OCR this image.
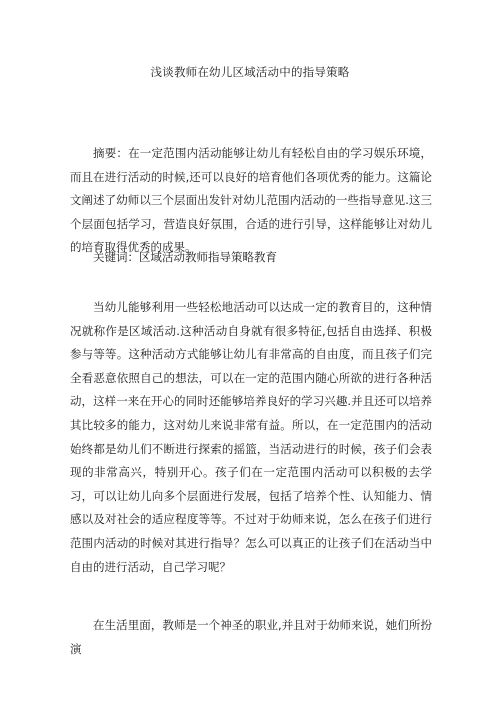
浅谈教师在幼儿区域活动中的指导策略

摘要：在一定范围内活动能够让幼儿有轻松自由的学习娱乐环境，而且在进行活动的时候,还可以良好的培育他们各项优秀的能力。这篇论文阐述了幼师以三个层面出发针对幼儿范围内活动的一些指导意见.这三个层面包括学习，营造良好氛围，合适的进行引导，这样能够让对幼儿的培育取得优秀的成果。

关键词：区域活动教师指导策略教育

当幼儿能够利用一些轻松地活动可以达成一定的教育目的，这种情况就称作是区域活动.这种活动自身就有很多特征,包括自由选择、积极参与等等。这种活动方式能够让幼儿有非常高的自由度，而且孩子们完全看恶意依照自己的想法，可以在一定的范围内随心所欲的进行各种活动，这样一来在开心的同时还能够培养良好的学习兴趣.并且还可以培养其比较多的能力，这对幼儿来说非常有益。所以，在一定范围内的活动始终都是幼儿们不断进行探索的摇篮，当活动进行的时候，孩子们会表现的非常高兴，特别开心。孩子们在一定范围内活动可以积极的去学习，可以让幼儿向多个层面进行发展，包括了培养个性、认知能力、情感以及对社会的适应程度等等。不过对于幼师来说，怎么在孩子们进行范围内活动的时候对其进行指导？怎么可以真正的让孩子们在活动当中自由的进行活动，自己学习呢？

在生活里面，教师是一个神圣的职业,并且对于幼师来说，她们所扮演
